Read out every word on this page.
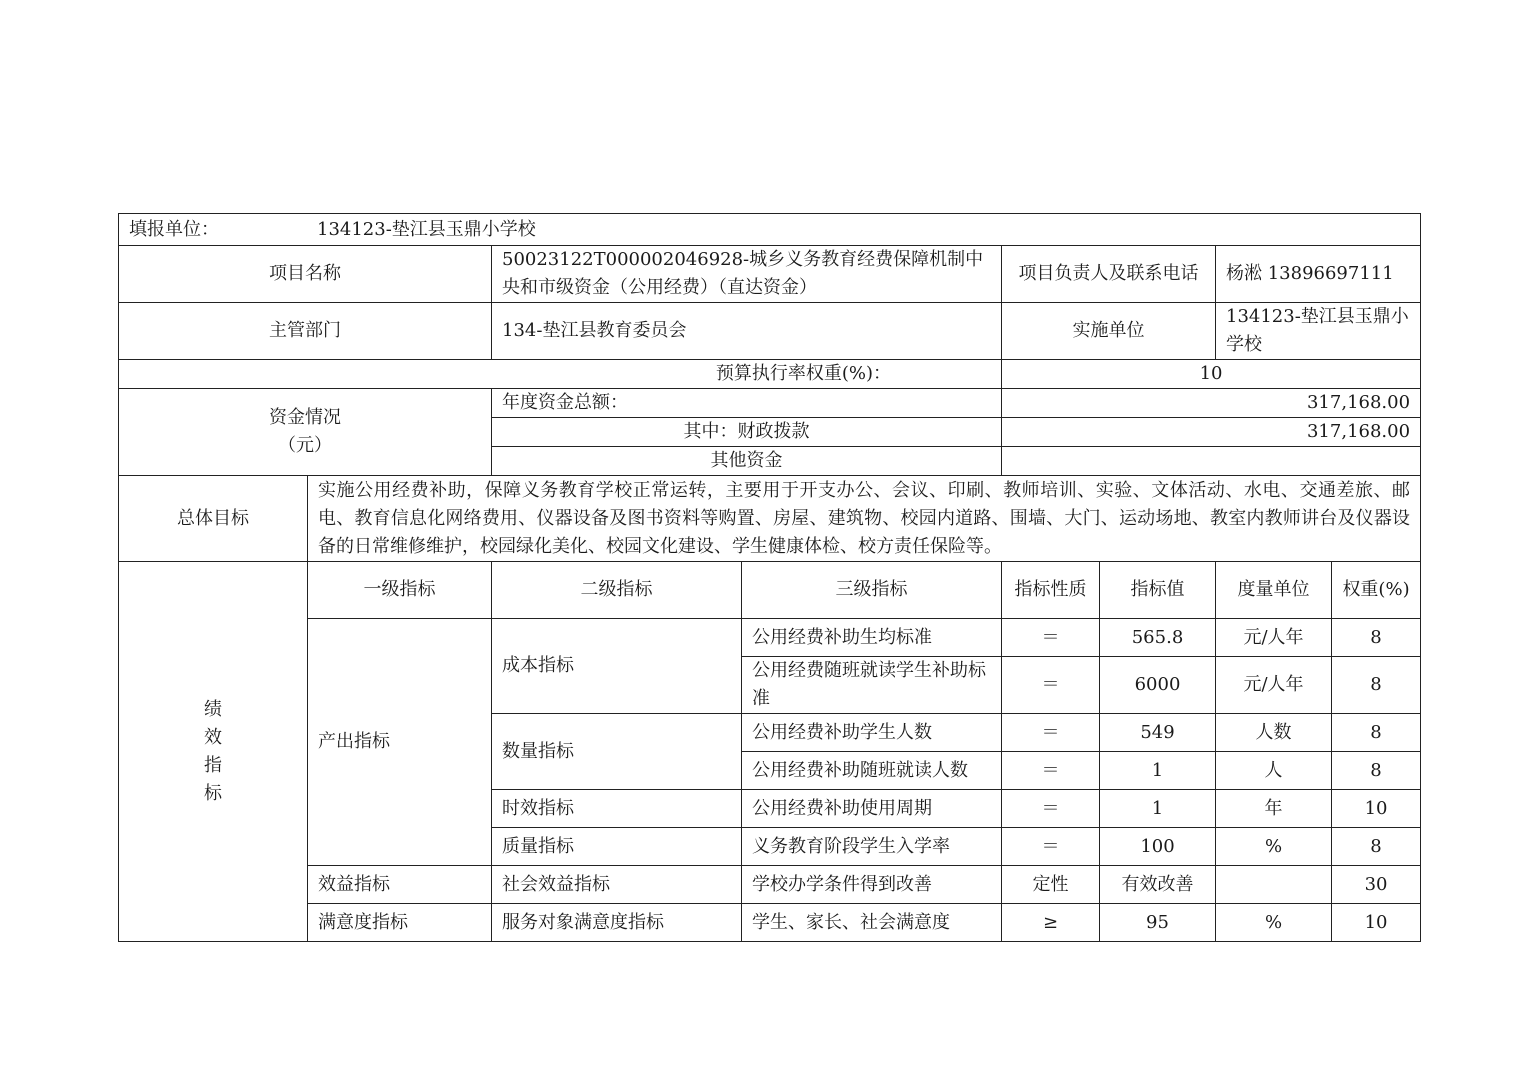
填报单位： 134123-垫江县玉鼎小学校							
项目名称		50023122T000002046928-城乡义务教育经费保障机制中央和市级资金（公用经费）（直达资金）		项目负责人及联系电话		杨淞 13896697111	
主管部门		134-垫江县教育委员会		实施单位		134123-垫江县玉鼎小学校	
预算执行率权重(%)：				10			
资金情况
（元）		年度资金总额：		317,168.00			
		其中：财政拨款		317,168.00			
		其他资金					
总体目标	实施公用经费补助，保障义务教育学校正常运转，主要用于开支办公、会议、印刷、教师培训、实验、文体活动、水电、交通差旅、邮电、教育信息化网络费用、仪器设备及图书资料等购置、房屋、建筑物、校园内道路、围墙、大门、运动场地、教室内教师讲台及仪器设备的日常维修维护，校园绿化美化、校园文化建设、学生健康体检、校方责任保险等。						

绩
效
指
标	一级指标	二级指标	三级指标	指标性质	指标值	度量单位	权重(%)
	产出指标	成本指标	公用经费补助生均标准	＝	565.8	元/人年	8
			公用经费随班就读学生补助标准	＝	6000	元/人年	8
		数量指标	公用经费补助学生人数	＝	549	人数	8
			公用经费补助随班就读人数	＝	1	人	8
		时效指标	公用经费补助使用周期	＝	1	年	10
		质量指标	义务教育阶段学生入学率	＝	100	%	8
	效益指标	社会效益指标	学校办学条件得到改善	定性	有效改善		30
	满意度指标	服务对象满意度指标	学生、家长、社会满意度	≥	95	%	10
